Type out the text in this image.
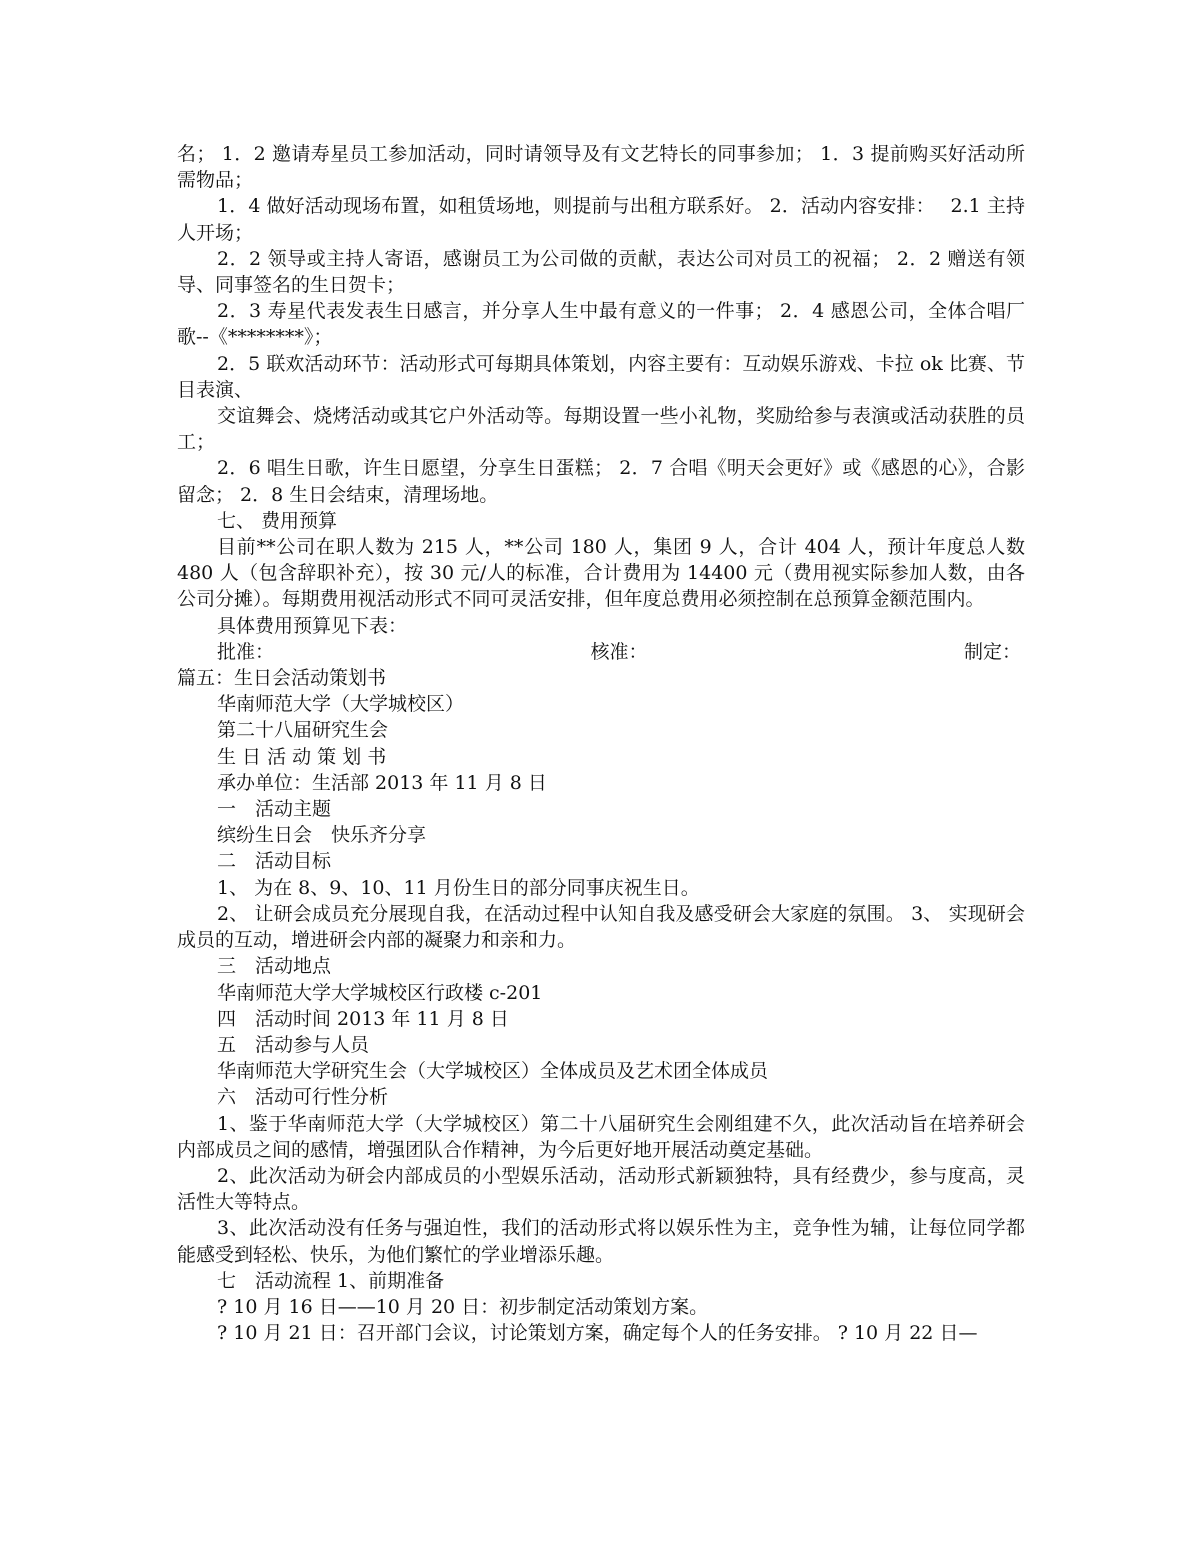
名； 1．2 邀请寿星员工参加活动，同时请领导及有文艺特长的同事参加； 1．3 提前购买好活动所需物品；

1．4 做好活动现场布置，如租赁场地，则提前与出租方联系好。 2．活动内容安排：　 2.1 主持人开场；

2．2 领导或主持人寄语，感谢员工为公司做的贡献，表达公司对员工的祝福； 2．2 赠送有领导、同事签名的生日贺卡；

2．3 寿星代表发表生日感言，并分享人生中最有意义的一件事； 2．4 感恩公司，全体合唱厂歌--《********》；

2．5 联欢活动环节：活动形式可每期具体策划，内容主要有：互动娱乐游戏、卡拉 ok 比赛、节目表演、

交谊舞会、烧烤活动或其它户外活动等。每期设置一些小礼物，奖励给参与表演或活动获胜的员工；

2．6 唱生日歌，许生日愿望，分享生日蛋糕； 2．7 合唱《明天会更好》或《感恩的心》，合影留念； 2．8 生日会结束，清理场地。

七、 费用预算

目前**公司在职人数为 215 人，**公司 180 人，集团 9 人，合计 404 人，预计年度总人数 480 人（包含辞职补充），按 30 元/人的标准，合计费用为 14400 元（费用视实际参加人数，由各公司分摊）。每期费用视活动形式不同可灵活安排，但年度总费用必须控制在总预算金额范围内。

具体费用预算见下表：

批准：	核准：	制定：

篇五：生日会活动策划书

华南师范大学（大学城校区）

第二十八届研究生会

生 日 活 动 策 划 书

承办单位：生活部 2013 年 11 月 8 日

一　活动主题

缤纷生日会　快乐齐分享

二　活动目标

1、 为在 8、9、10、11 月份生日的部分同事庆祝生日。

2、 让研会成员充分展现自我，在活动过程中认知自我及感受研会大家庭的氛围。 3、 实现研会成员的互动，增进研会内部的凝聚力和亲和力。

三　活动地点

华南师范大学大学城校区行政楼 c-201

四　活动时间 2013 年 11 月 8 日

五　活动参与人员

华南师范大学研究生会（大学城校区）全体成员及艺术团全体成员

六　活动可行性分析

1、鉴于华南师范大学（大学城校区）第二十八届研究生会刚组建不久，此次活动旨在培养研会内部成员之间的感情，增强团队合作精神，为今后更好地开展活动奠定基础。

2、此次活动为研会内部成员的小型娱乐活动，活动形式新颖独特，具有经费少，参与度高，灵活性大等特点。

3、此次活动没有任务与强迫性，我们的活动形式将以娱乐性为主，竞争性为辅，让每位同学都能感受到轻松、快乐，为他们繁忙的学业增添乐趣。

七　活动流程 1、前期准备

? 10 月 16 日——10 月 20 日：初步制定活动策划方案。

? 10 月 21 日：召开部门会议，讨论策划方案，确定每个人的任务安排。 ? 10 月 22 日—
